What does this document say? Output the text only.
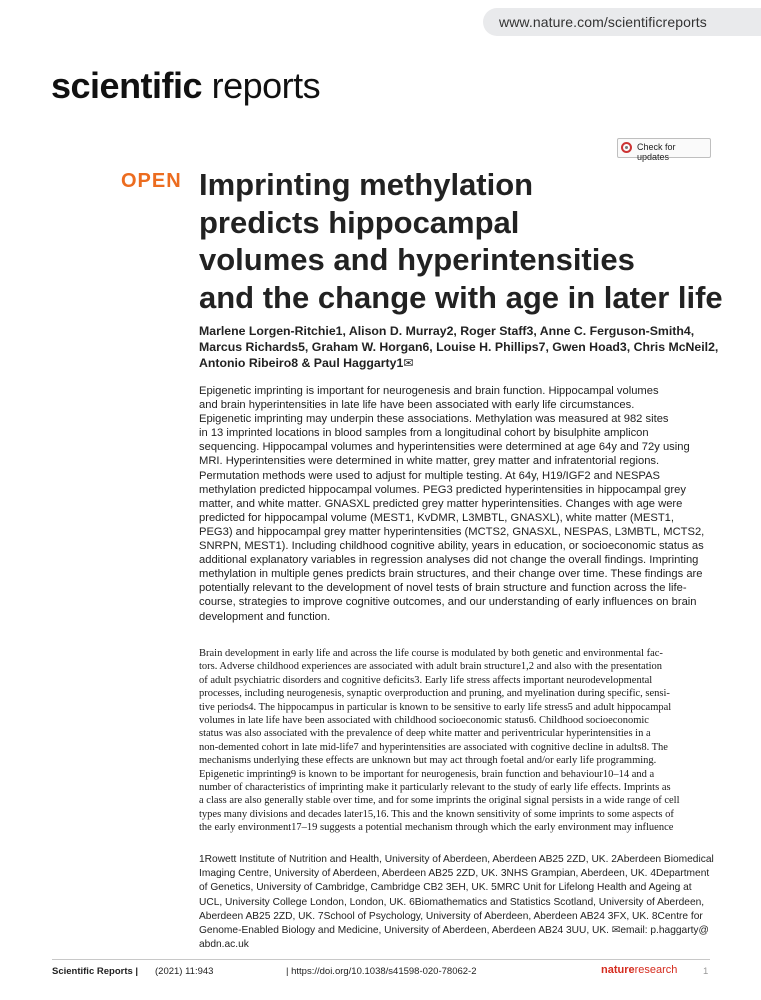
www.nature.com/scientificreports
scientific reports
Check for updates
OPEN Imprinting methylation
predicts hippocampal
volumes and hyperintensities
and the change with age in later life
Marlene Lorgen‑Ritchie1, Alison D. Murray2, Roger Staff3, Anne C. Ferguson‑Smith4,
Marcus Richards5, Graham W. Horgan6, Louise H. Phillips7, Gwen Hoad3, Chris McNeil2,
Antonio Ribeiro8 & Paul Haggarty1✉
Epigenetic imprinting is important for neurogenesis and brain function. Hippocampal volumes
and brain hyperintensities in late life have been associated with early life circumstances.
Epigenetic imprinting may underpin these associations. Methylation was measured at 982 sites
in 13 imprinted locations in blood samples from a longitudinal cohort by bisulphite amplicon
sequencing. Hippocampal volumes and hyperintensities were determined at age 64y and 72y using
MRI. Hyperintensities were determined in white matter, grey matter and infratentorial regions.
Permutation methods were used to adjust for multiple testing. At 64y, H19/IGF2 and NESPAS
methylation predicted hippocampal volumes. PEG3 predicted hyperintensities in hippocampal grey
matter, and white matter. GNASXL predicted grey matter hyperintensities. Changes with age were
predicted for hippocampal volume (MEST1, KvDMR, L3MBTL, GNASXL), white matter (MEST1,
PEG3) and hippocampal grey matter hyperintensities (MCTS2, GNASXL, NESPAS, L3MBTL, MCTS2,
SNRPN, MEST1). Including childhood cognitive ability, years in education, or socioeconomic status as
additional explanatory variables in regression analyses did not change the overall findings. Imprinting
methylation in multiple genes predicts brain structures, and their change over time. These findings are
potentially relevant to the development of novel tests of brain structure and function across the life-
course, strategies to improve cognitive outcomes, and our understanding of early influences on brain
development and function.
Brain development in early life and across the life course is modulated by both genetic and environmental fac-
tors. Adverse childhood experiences are associated with adult brain structure1,2 and also with the presentation
of adult psychiatric disorders and cognitive deficits3. Early life stress affects important neurodevelopmental
processes, including neurogenesis, synaptic overproduction and pruning, and myelination during specific, sensi-
tive periods4. The hippocampus in particular is known to be sensitive to early life stress5 and adult hippocampal
volumes in late life have been associated with childhood socioeconomic status6. Childhood socioeconomic
status was also associated with the prevalence of deep white matter and periventricular hyperintensities in a
non-demented cohort in late mid-life7 and hyperintensities are associated with cognitive decline in adults8. The
mechanisms underlying these effects are unknown but may act through foetal and/or early life programming.
Epigenetic imprinting9 is known to be important for neurogenesis, brain function and behaviour10–14 and a
number of characteristics of imprinting make it particularly relevant to the study of early life effects. Imprints as
a class are also generally stable over time, and for some imprints the original signal persists in a wide range of cell
types many divisions and decades later15,16. This and the known sensitivity of some imprints to some aspects of
the early environment17–19 suggests a potential mechanism through which the early environment may influence
1Rowett Institute of Nutrition and Health, University of Aberdeen, Aberdeen AB25 2ZD, UK. 2Aberdeen Biomedical
Imaging Centre, University of Aberdeen, Aberdeen AB25 2ZD, UK. 3NHS Grampian, Aberdeen, UK. 4Department
of Genetics, University of Cambridge, Cambridge CB2 3EH, UK. 5MRC Unit for Lifelong Health and Ageing at
UCL, University College London, London, UK. 6Biomathematics and Statistics Scotland, University of Aberdeen,
Aberdeen AB25 2ZD, UK. 7School of Psychology, University of Aberdeen, Aberdeen AB24 3FX, UK. 8Centre for
Genome-Enabled Biology and Medicine, University of Aberdeen, Aberdeen AB24 3UU, UK. ✉email: p.haggarty@
abdn.ac.uk
Scientific Reports | (2021) 11:943	| https://doi.org/10.1038/s41598-020-78062-2	natureresearch	1
